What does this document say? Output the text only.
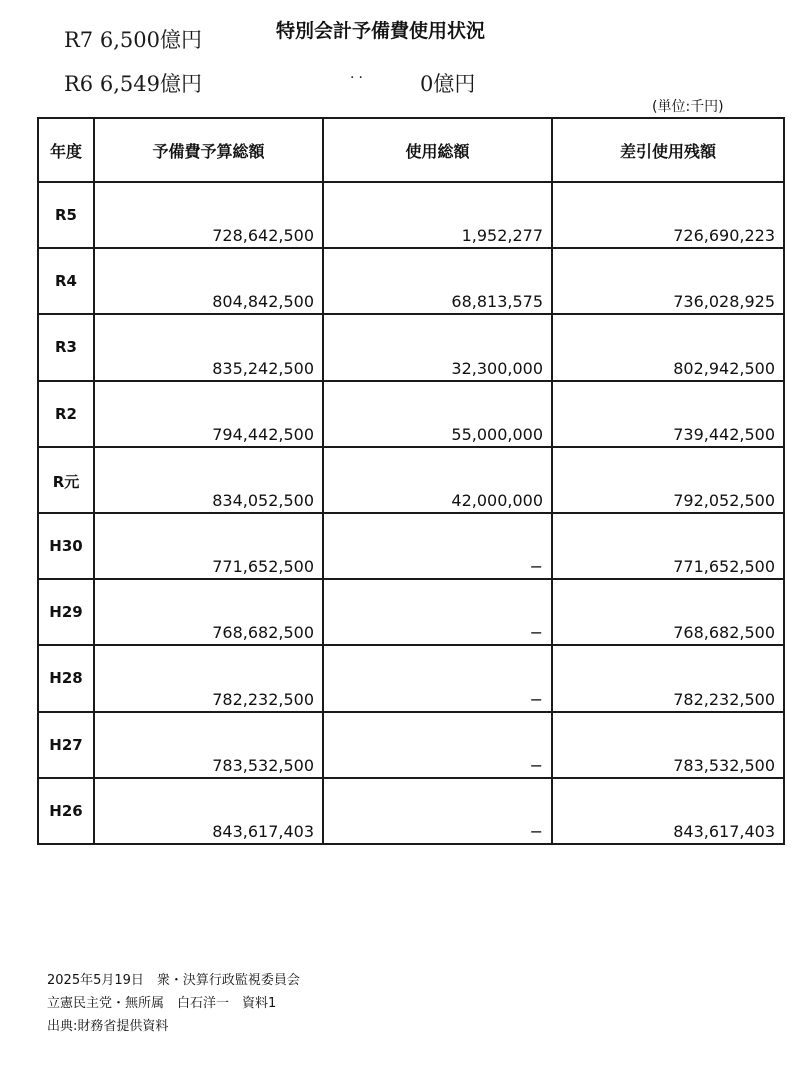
R7 6,500億円
R6 6,549億円	··	0億円
特別会計予備費使用状況
(単位:千円)
年度	予備費予算総額	使用総額	差引使用残額

R5	728,642,500	1,952,277	726,690,223

R4	804,842,500	68,813,575	736,028,925

R3	835,242,500	32,300,000	802,942,500

R2	794,442,500	55,000,000	739,442,500

R元	834,052,500	42,000,000	792,052,500

H30	771,652,500	−	771,652,500

H29	768,682,500	−	768,682,500

H28	782,232,500	−	782,232,500

H27	783,532,500	−	783,532,500

H26	843,617,403	−	843,617,403
2025年5月19日　衆・決算行政監視委員会
立憲民主党・無所属　白石洋一　資料1
出典:財務省提供資料
